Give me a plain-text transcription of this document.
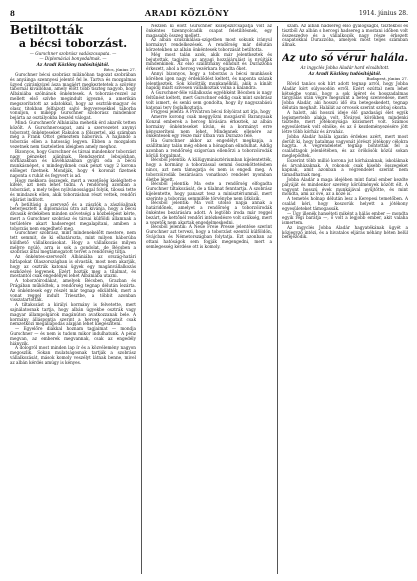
8	ARADI KÖZLÖNY	1914. június 28.
Betiltották
a bécsi toborzást.
— Gurschner szobrász vadászcsapata. —
— Diplomáciai bonyodalmak. —
Az Aradi Közlöny tudósítójától.
Bécs, június 27.

Gurschner bécsi szobrász milánóban tagozat szobrában és anyáinga szennyesi jelentő fel le. Tartva és mozgalmas üzyed cziránkvizel ásza magáért megkeztetetek a szörény tábornál kivállóban, amely előtt több tiszteg nagyob, hogy Albániába szólnánok önkéntesek. A toborzás-rezzel az mellett első szívhe megindult igyezné, a amerikán megszorítatott az adatokkal, hogy az osztrák-magyar és olasz titokban felfajzott sajtó fegyveresekkel táborba vonuljon, s miképp Gurschner szoborász mindenkor bejárta az osztályokba beszéd válogat.

Mind: Gurschnerőr Albániába mehetik érd akarók tetten közölt. A Gurschnerosapat, ami a szervezetet anynyi toborzott önkénteseket Rakulon a fölszertel, aki számban még a Frank Ottot gémeztem háborúvá. A hajlandó a toborzás ellen a hatosság legyen. Ebben a mozgalom vezetnek nem tiszteletlen ideigben amely meghoz.

Bizonyos, hogy Gurschner és társai mindenkor toborzást nagy pénzeket ajánlnak. Rendszerint lebujokban, sörházakban és kávéházakban gyüjti oda a bécsi munkásnépet, s mindegyiknek csak pénzt vagy 2 korona előleget fizetnek. Mondják, hogy 4 koronát fizetnek naponta s ruhát és fegyvert is ad.

Hogy mekkora összegek, mert a vezetőség kielégített-e kifelé, azt nem lehet tudni. A rendőrség azonban a toborzást, a mely teljes nyilvánossággal folyik, tilossá tette és mindazok ellen, akik toborzásban részt vettek, rendőri eljárást indított.

A betiltásig a szervező és a zászlók a zászlóaljnak beterjesztett a diplomáciai útra azt kívánja, hogy a bécsi dívasák érdekében minden szövetségi a közbelépést kérte, mert a Gurschner szobrász és társai külföldi államnak a területére akart hadsereget megalapítani, amiben a toborzás nem engedhető meg.

Gurschner szobrász, mint mindenekelőtt mestere, nem tett semmit, de ki elhatározta, mint milyen háborúba küldhető vállalkozásokat. Hogy a vállalkozás milyen mélyre nyúló, arra is sok a gondolat, de Bécsben a szobrász által megtámogatott tervet a rendőrség tiltja.

Az önkéntes-szervezőt Albániába az ország-határi hírlapokat Olaszországban is olvasták, most nem akarják, hogy az osztrák katonai ügyek egy magánvállalkozás eszközévé legyenek. Ezért hozták meg a tilalmat, és mostantól csak engedéllyel lehet Albániába utazni.

A toborzóirodákat, amelyek Bécsben, Grazban és Prágában működtek, a rendőrség tegnap délután lezárta. Az önkéntesek egy részét már tegnap elküldték, mert a vonat reggel indult Triesztbe, a többit azonban visszatartották.

A tiltakozást a királyi kormány is felvetette, mert sajnálatosnak tartja, hogy albán ügyekbe osztrák vagy magyar állampolgárok magánúton avatkozzanak bele. A kormány álláspontja szerint a herceg csapatait csak nemzetközi megállapodás alapján lehet kiegészíteni.

— Egyelőre diákkal hoznam tagjaimat — mondja Gurschner — és nem is tudom mikor indulhatunk. A pénz megvan, az emberek megvannak, csak az engedély hiányzik.

A dologról most minden lap ír és a közvélemény nagyon megoszlik. Sokan mulatságosnak tartják a szobrász vállalkozását, mások komoly veszélyt látnak benne, mivel az albán kérdés amúgy is kényes.

Nézzen ki előtt Gurschner kozépszírcsapatja volt az önkéntes tizennyolcadik csapat feletilítésnek, egy magasabb összeg mellett.

Az albán szuszikálása-szigetben most sokunk irányul kormányt rendelkezések. A rendőrség már délután körzetekben az albán önkéntesek toborzását betiltotta.

Még most talán azok, akik már jelentkeztek és bejutottak, tagjaira az anyagi hozzájárulást is nyújtják mindenkinek. Az első szállítmány elindult és Durazzóba érkezett, ahol a herceg vezérkara fogadta őket.

Annyi bizonyos, hogy a toborzás a bécsi munkások körében igen nagy érdeklődést keltett, és naponta százak jelentkeztek. Sok közöttük munkanélküli, akik a kínált napidíj miatt szívesen vállalkoztak volna a kalandra.

A Gurschner-féle vállalkozás egyébként Bécsben is nagy feltűnést keltett, mert Gurschner eddig csak mint szobrász volt ismert, és senki sem gondolta, hogy ily nagyszabású katonai terv foglalkoztatja.

Frigyesi jelenti: A Privatron bécsi folyóirat azt írja, hogy

Amerre korong csak meggyőzni mozgásról Baranyaiak Konzul emberek a herceg hívására érkeztek, az albán kormány önkénteseket kíván, és a kormányt erre kényszeríteni nem lehet. Mindennek ellenére az önkéntesek egy része már útban van Durazzo felé.

Ha Gurschner akkor az engedélyt megkapja, a szállítmány talán még ebben a hónapban elindulhat. Addig azonban a rendőrség szigorúan ellenőrzi a toborzóirodák körüli forgalmat.

Bécsből jelentik: A külügyminisztériumban kijelentették, hogy a kormány a toborzással semmi összeköttetésben nincs, azt nem támogatja és nem is engedi meg. A toborzóirodák bezárására vonatkozó rendelet nyomban életbe lépett.

Bécsből jelentik: Ma este a rendőrség elfogadta Gurschner tiltakozását, de a tilalmat fenntartja. A szobrász kijelentette, hogy panaszt tesz a minisztériumnál, mert szerinte a toborzás semmiféle törvénybe nem ütközik.

Bécsből jelentik: Ma volt utolsó napja annak a határidőnek, amelyet a rendőrség a toborzóirodák önkéntes bezárására adott. A legtöbb iroda már reggel bezárt, de kettőnél rendőri intézkedésre volt szükség, mert a vezetők nem akartak engedelmeskedni.

Bécsből jelentik: A Neue Freie Presse jelentése szerint Gurschner azt tervezi, hogy a toborzást ezentúl külföldön, Svájcban és Németországban folytatja. Ezt azonban az ottani hatóságok sem fogják megengedni, mert a semlegesség kérdése ott is komoly.

szám. Az albán hadsereg első gyalogságbl, tisztekből és tisztből Az albán s hercegi hadsereg a mostani időben volt összeszedve és a vállalkozók nagy része érkezett csapatokkal Durazzóba, amelyek most teljes számban állnak.

Az uto só vérur halála.
Az ingyclés Jobba Aladár hard elcsábított.
Az Aradi Közlöny tudósítójától.
Budapest, június 27.

Rövid tanács sok hírt adott tegnap arról, hogy Jobba Aladár kórt súlyosodón erről. Ezért ezúttal nem lehet kétségbe vonni, hogy a sok ígéret és hosszadalmas tárgyalás után végre megszűnt a beteg szenvedése, mert Jobba Aladár, aki hosszú idő óta betegeskedett, tegnap délután meghalt. Halálát az orvosok szerint szívbaj okozta.

A halott, aki hosszú ideje élő gazdasági élet egyik legismertebb alakja volt, fővárosi körökben mindenki tisztelte, mert jótékonysága közismert volt. Számos egyesületnek volt elnöke, és az ő kezdeményezésére jött létre több kórház és árvaház.

Jobba Aladár halála igazán érdekes azért, mert most derült ki, hogy hatalmas vagyonát jórészt jótékony célokra hagyta. A végrendeletet tegnap bontották fel a családtagok jelenlétében, és az örökösök közül sokan meglepődtek.

Eszerint több millió korona jut kórházaknak, iskoláknak és árvaházaknak. A rokonok csak kisebb összegeket kapnak, amit azonban a végrendelet szerint nem támadhatnak meg.

Jobba Aladár a maga idejében mint fiatal ember kezdte pályáját és mindenkor szerény körülmények között élt. A vagyont hosszú évek munkájával gyűjtötte, és mint mondta, ami az övé, az a közé is.

A temetés holnap délután lesz a Kerepesi temetőben. A család kéri, hogy koszorúk helyett a jótékony egyesületeket támogassák.

— Ügy illenék hanséteti miként a hálás ember — mondta egyik régi barátja —, ő volt a legjobb ember, akit valaha ismertem.

Az ingyclés Jobba Aladár hagyatékának ügyét a közjegyző intézi, és a hivatalos eljárás néhány héten belül befejeződik.
